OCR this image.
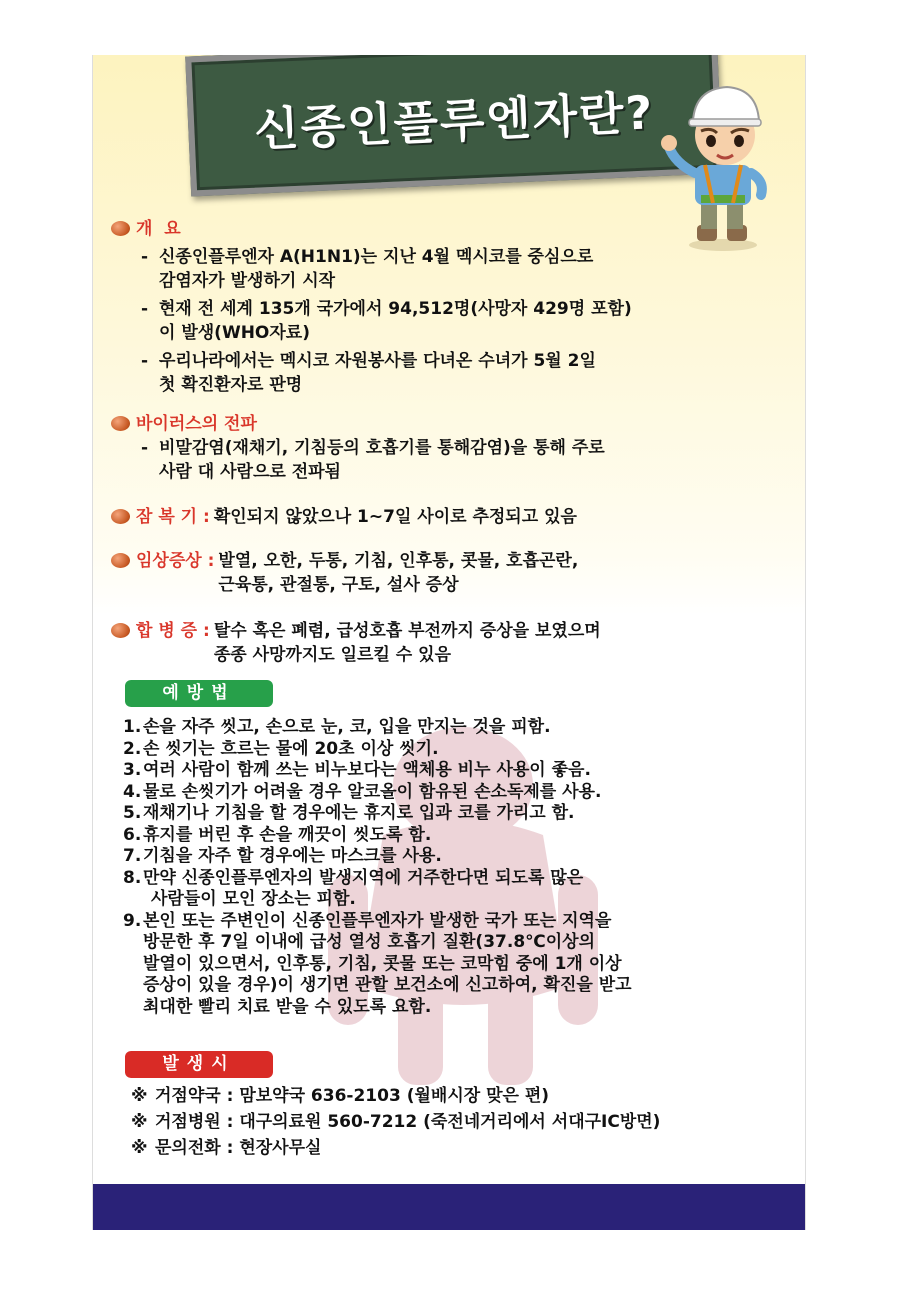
신종인플루엔자란?
개  요
- 신종인플루엔자 A(H1N1)는 지난 4월 멕시코를 중심으로
감염자가 발생하기 시작
- 현재 전 세계 135개 국가에서 94,512명(사망자 429명 포함)
이 발생(WHO자료)
- 우리나라에서는 멕시코 자원봉사를 다녀온 수녀가 5월 2일
첫 확진환자로 판명
바이러스의 전파
- 비말감염(재채기, 기침등의 호흡기를 통해감염)을 통해 주로
사람 대 사람으로 전파됨
잠 복 기 : 확인되지 않았으나 1~7일 사이로 추정되고 있음
임상증상 : 발열, 오한, 두통, 기침, 인후통, 콧물, 호흡곤란,
근육통, 관절통, 구토, 설사 증상
합 병 증 : 탈수 혹은 폐렴, 급성호흡 부전까지 증상을 보였으며
종종 사망까지도 일르킬 수 있음
예방법
1. 손을 자주 씻고, 손으로 눈, 코, 입을 만지는 것을 피함.
2. 손 씻기는 흐르는 물에 20초 이상 씻기.
3. 여러 사람이 함께 쓰는 비누보다는 액체용 비누 사용이 좋음.
4. 물로 손씻기가 어려울 경우 알코올이 함유된 손소독제를 사용.
5. 재채기나 기침을 할 경우에는 휴지로 입과 코를 가리고 함.
6. 휴지를 버린 후 손을 깨끗이 씻도록 함.
7. 기침을 자주 할 경우에는 마스크를 사용.
8. 만약 신종인플루엔자의 발생지역에 거주한다면 되도록 많은
사람들이 모인 장소는 피함.
9. 본인 또는 주변인이 신종인플루엔자가 발생한 국가 또는 지역을
방문한 후 7일 이내에 급성 열성 호흡기 질환(37.8℃이상의
발열이 있으면서, 인후통, 기침, 콧물 또는 코막힘 중에 1개 이상
증상이 있을 경우)이 생기면 관할 보건소에 신고하여, 확진을 받고
최대한 빨리 치료 받을 수 있도록 요함.
발생시
※ 거점약국 : 맘보약국 636-2103 (월배시장 맞은 편)
※ 거점병원 : 대구의료원 560-7212 (죽전네거리에서 서대구IC방면)
※ 문의전화 : 현장사무실
